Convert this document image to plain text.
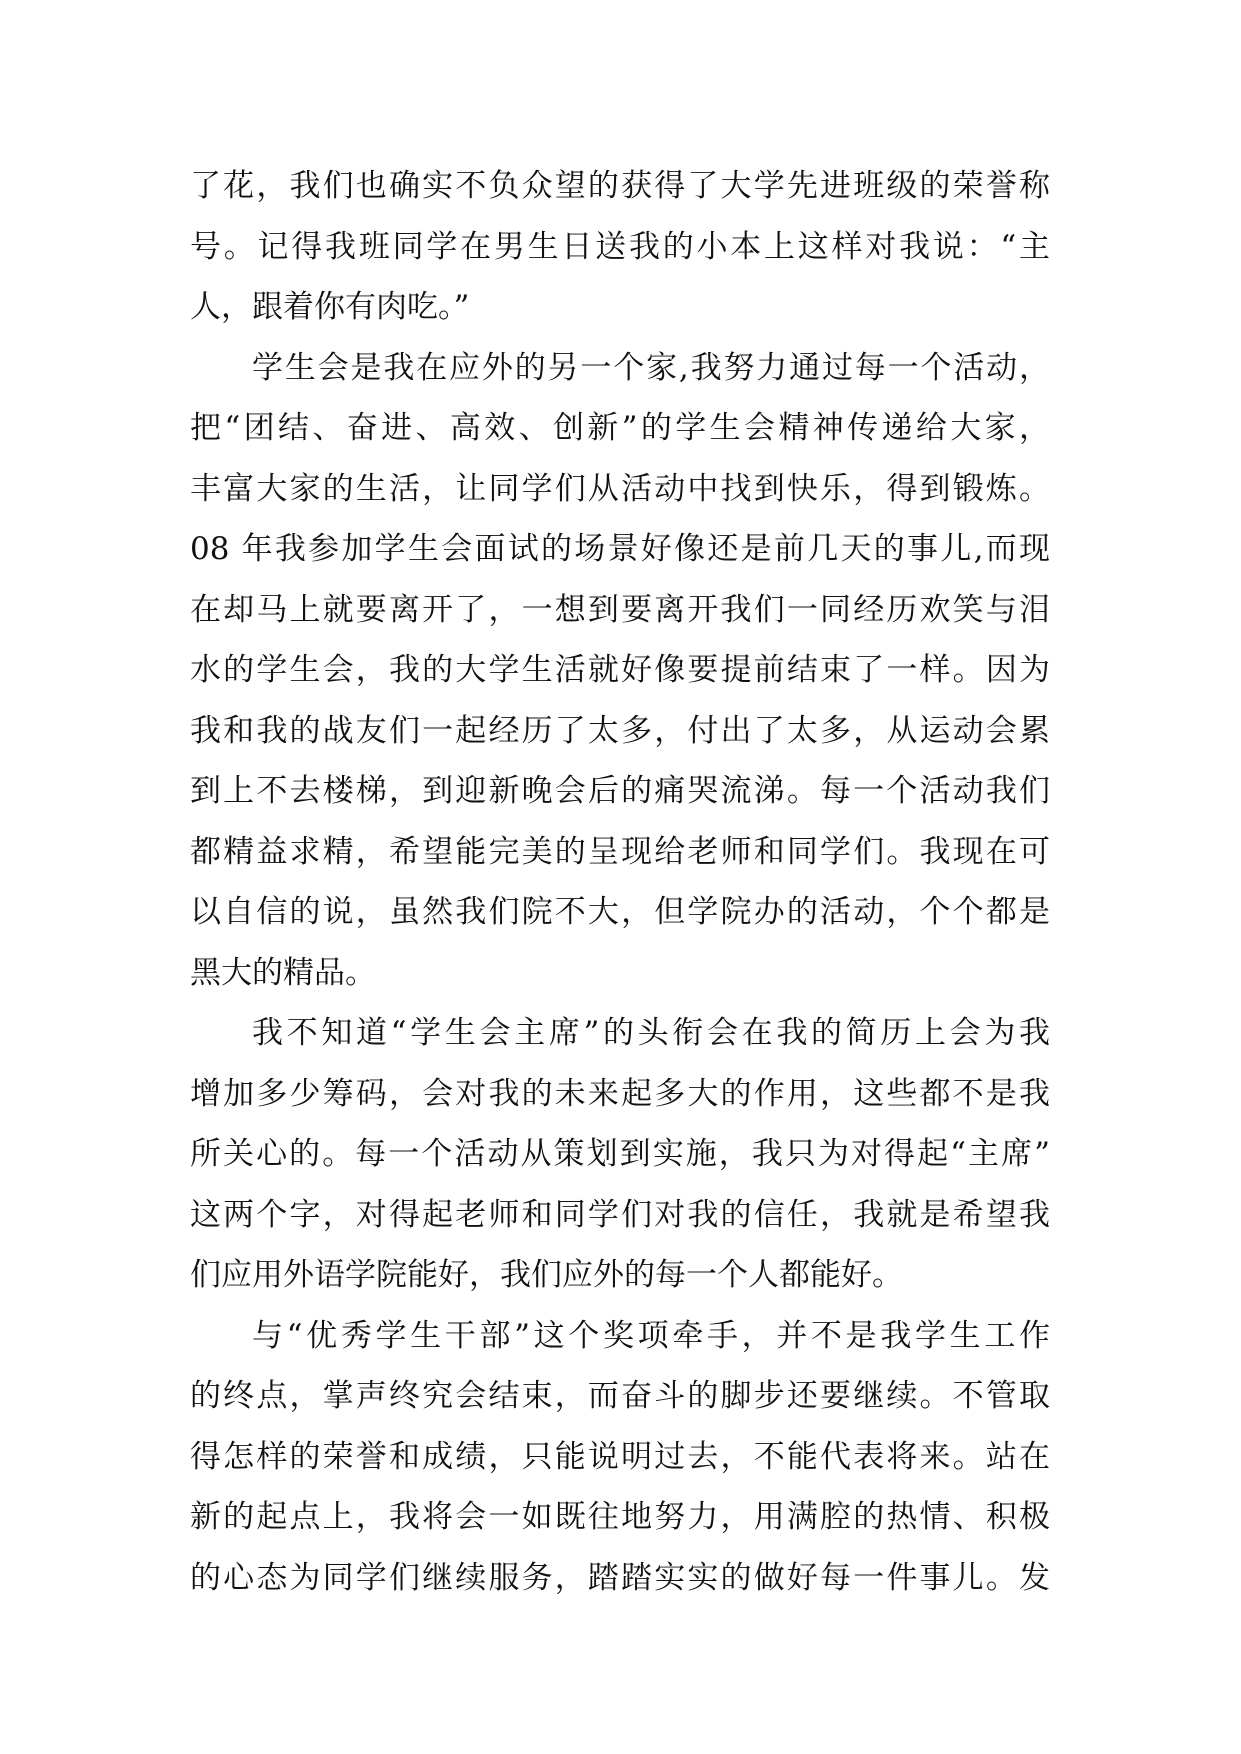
了花，我们也确实不负众望的获得了大学先进班级的荣誉称
号。记得我班同学在男生日送我的小本上这样对我说：“主
人，跟着你有肉吃。”
学生会是我在应外的另一个家,我努力通过每一个活动，
把“团结、奋进、高效、创新”的学生会精神传递给大家，
丰富大家的生活，让同学们从活动中找到快乐，得到锻炼。
08 年我参加学生会面试的场景好像还是前几天的事儿,而现
在却马上就要离开了，一想到要离开我们一同经历欢笑与泪
水的学生会，我的大学生活就好像要提前结束了一样。因为
我和我的战友们一起经历了太多，付出了太多，从运动会累
到上不去楼梯，到迎新晚会后的痛哭流涕。每一个活动我们
都精益求精，希望能完美的呈现给老师和同学们。我现在可
以自信的说，虽然我们院不大，但学院办的活动，个个都是
黑大的精品。
我不知道“学生会主席”的头衔会在我的简历上会为我
增加多少筹码，会对我的未来起多大的作用，这些都不是我
所关心的。每一个活动从策划到实施，我只为对得起“主席”
这两个字，对得起老师和同学们对我的信任，我就是希望我
们应用外语学院能好，我们应外的每一个人都能好。
与“优秀学生干部”这个奖项牵手，并不是我学生工作
的终点，掌声终究会结束，而奋斗的脚步还要继续。不管取
得怎样的荣誉和成绩，只能说明过去，不能代表将来。站在
新的起点上，我将会一如既往地努力，用满腔的热情、积极
的心态为同学们继续服务，踏踏实实的做好每一件事儿。发
